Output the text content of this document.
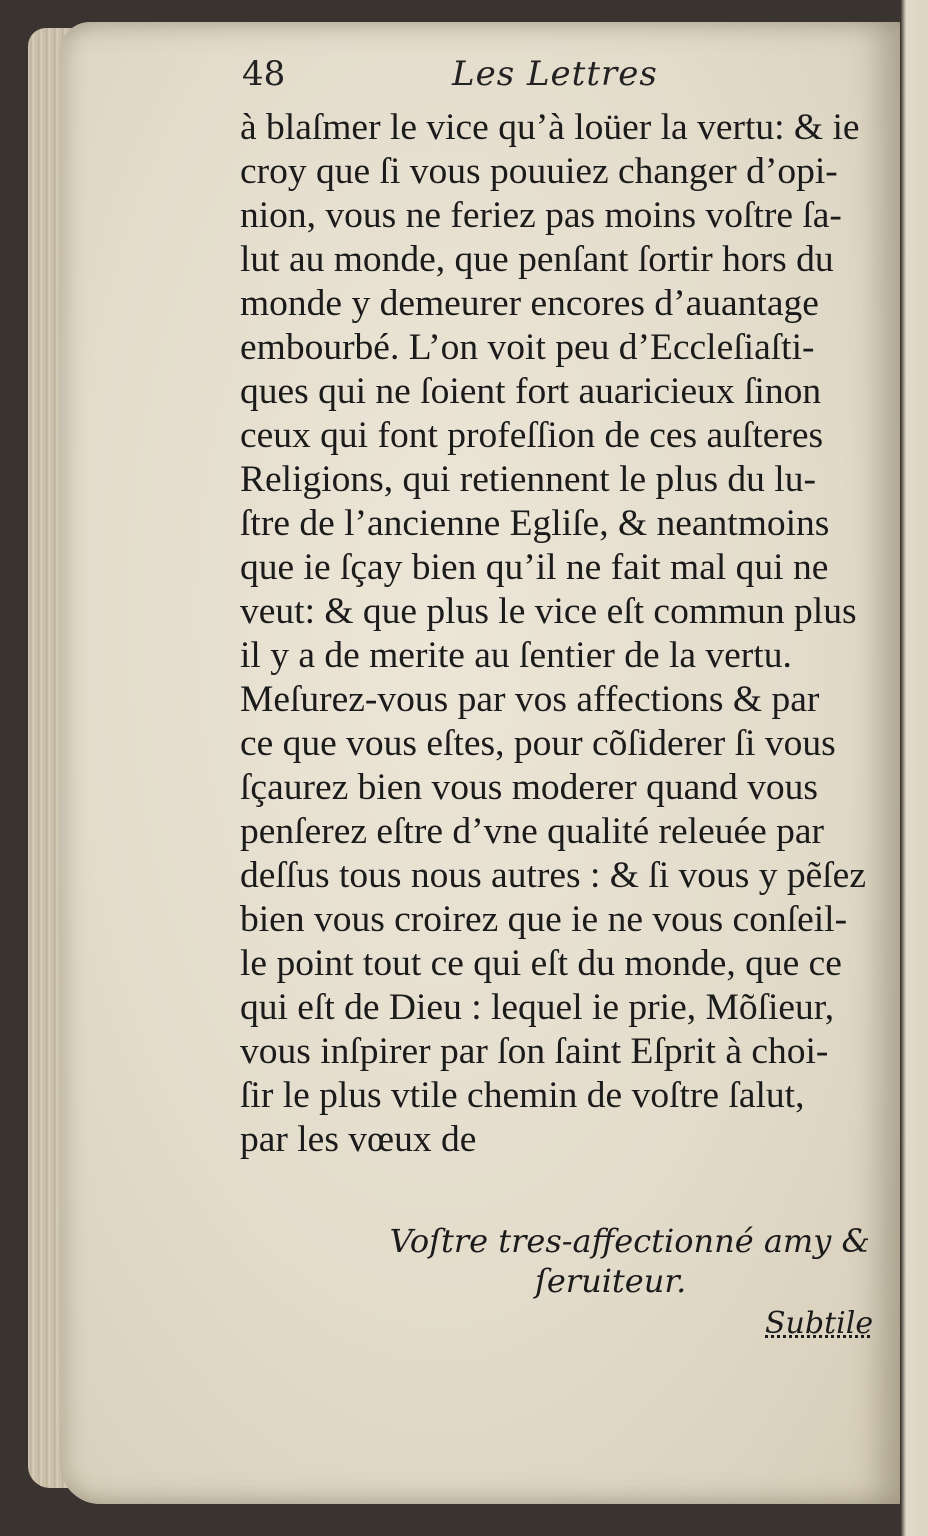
48	Les Lettres
à blaſmer le vice qu’à loüer la vertu: & ie
croy que ſi vous pouuiez changer d’opi-
nion, vous ne feriez pas moins voſtre ſa-
lut au monde, que penſant ſortir hors du
monde y demeurer encores d’auantage
embourbé. L’on voit peu d’Eccleſiaſti-
ques qui ne ſoient fort auaricieux ſinon
ceux qui font profeſſion de ces auſteres
Religions, qui retiennent le plus du lu-
ſtre de l’ancienne Egliſe, & neantmoins
que ie ſçay bien qu’il ne fait mal qui ne
veut: & que plus le vice eſt commun plus
il y a de merite au ſentier de la vertu.
Meſurez-vous par vos affections & par
ce que vous eſtes, pour cõſiderer ſi vous
ſçaurez bien vous moderer quand vous
penſerez eſtre d’vne qualité releuée par
deſſus tous nous autres : & ſi vous y pẽſez
bien vous croirez que ie ne vous conſeil-
le point tout ce qui eſt du monde, que ce
qui eſt de Dieu : lequel ie prie, Mõſieur,
vous inſpirer par ſon ſaint Eſprit à choi-
ſir le plus vtile chemin de voſtre ſalut,
par les vœux de
Voſtre tres-affectionné amy &
ſeruiteur.
Subtile
